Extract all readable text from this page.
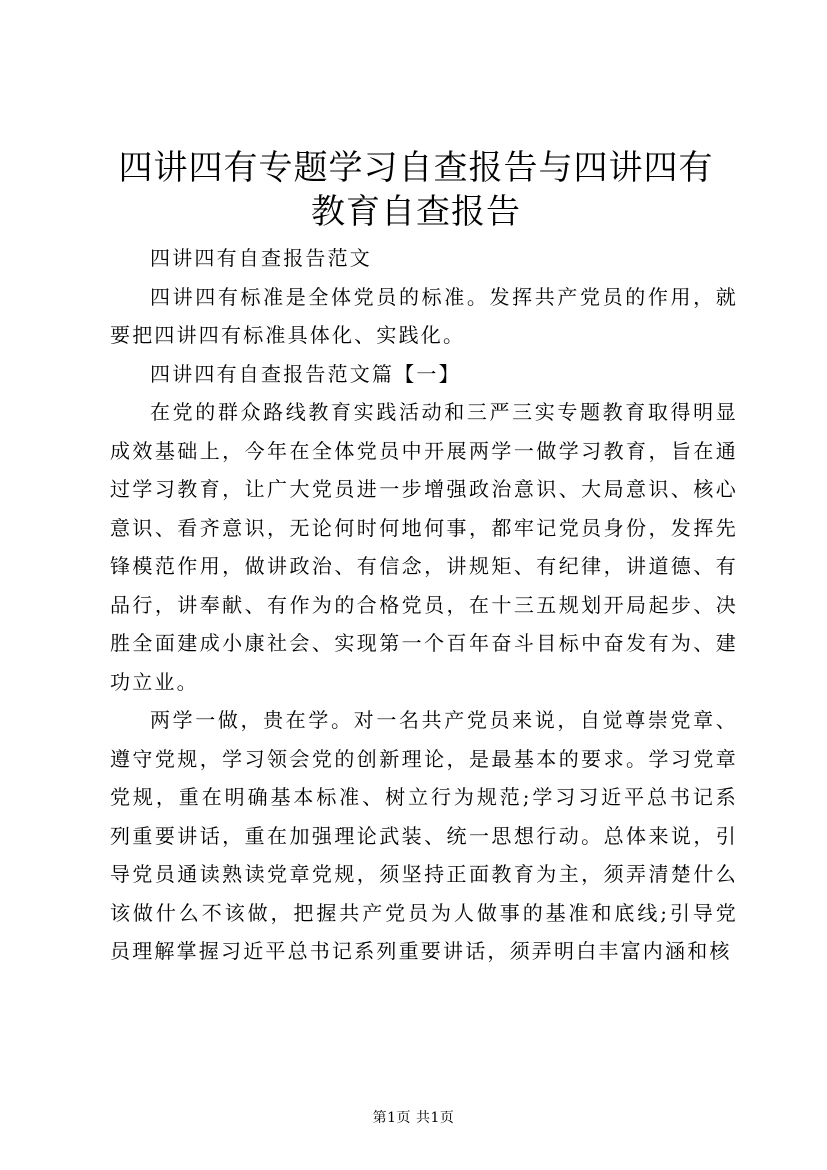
四讲四有专题学习自查报告与四讲四有教育自查报告

四讲四有自查报告范文

四讲四有标准是全体党员的标准。发挥共产党员的作用，就要把四讲四有标准具体化、实践化。

四讲四有自查报告范文篇【一】

在党的群众路线教育实践活动和三严三实专题教育取得明显成效基础上，今年在全体党员中开展两学一做学习教育，旨在通过学习教育，让广大党员进一步增强政治意识、大局意识、核心意识、看齐意识，无论何时何地何事，都牢记党员身份，发挥先锋模范作用，做讲政治、有信念，讲规矩、有纪律，讲道德、有品行，讲奉献、有作为的合格党员，在十三五规划开局起步、决胜全面建成小康社会、实现第一个百年奋斗目标中奋发有为、建功立业。

两学一做，贵在学。对一名共产党员来说，自觉尊崇党章、遵守党规，学习领会党的创新理论，是最基本的要求。学习党章党规，重在明确基本标准、树立行为规范;学习习近平总书记系列重要讲话，重在加强理论武装、统一思想行动。总体来说，引导党员通读熟读党章党规，须坚持正面教育为主，须弄清楚什么该做什么不该做，把握共产党员为人做事的基准和底线;引导党员理解掌握习近平总书记系列重要讲话，须弄明白丰富内涵和核

第1页 共1页
